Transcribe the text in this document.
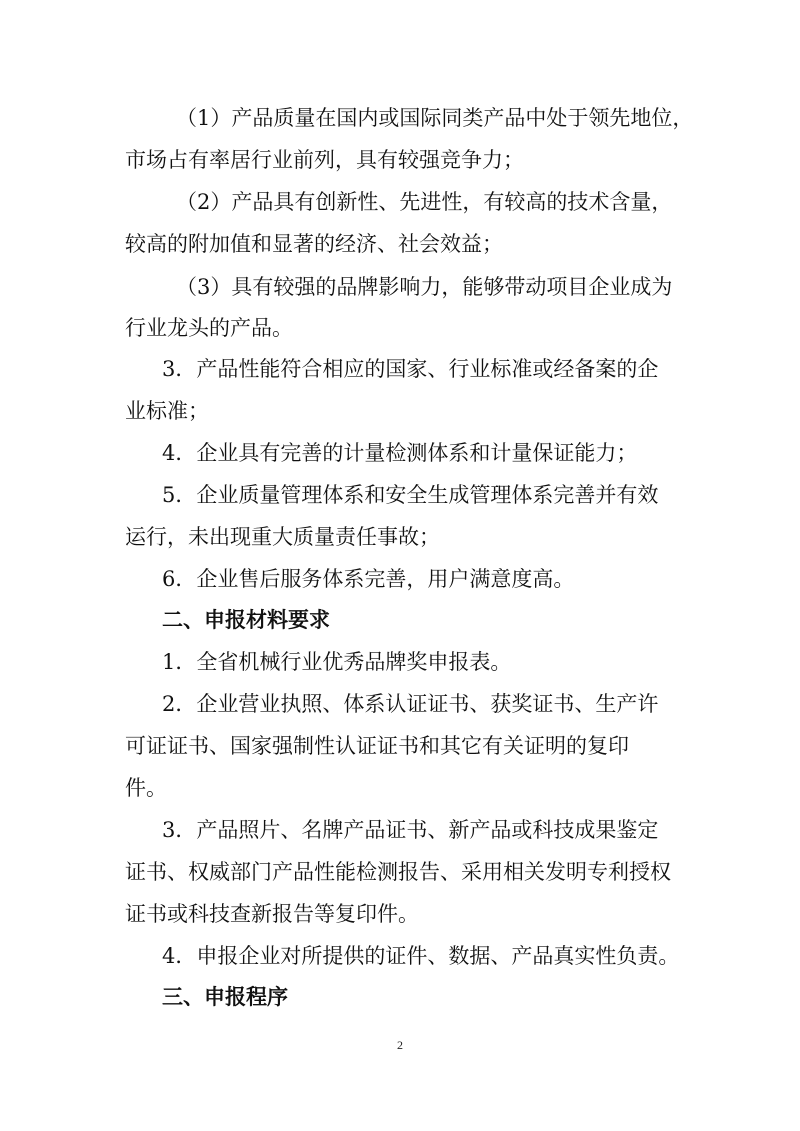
（1）产品质量在国内或国际同类产品中处于领先地位，
市场占有率居行业前列，具有较强竞争力；
（2）产品具有创新性、先进性，有较高的技术含量，
较高的附加值和显著的经济、社会效益；
（3）具有较强的品牌影响力，能够带动项目企业成为
行业龙头的产品。
3．产品性能符合相应的国家、行业标准或经备案的企
业标准；
4．企业具有完善的计量检测体系和计量保证能力；
5．企业质量管理体系和安全生成管理体系完善并有效
运行，未出现重大质量责任事故；
6．企业售后服务体系完善，用户满意度高。
二、申报材料要求
1．全省机械行业优秀品牌奖申报表。
2．企业营业执照、体系认证证书、获奖证书、生产许
可证证书、国家强制性认证证书和其它有关证明的复印
件。
3．产品照片、名牌产品证书、新产品或科技成果鉴定
证书、权威部门产品性能检测报告、采用相关发明专利授权
证书或科技查新报告等复印件。
4．申报企业对所提供的证件、数据、产品真实性负责。
三、申报程序
2
